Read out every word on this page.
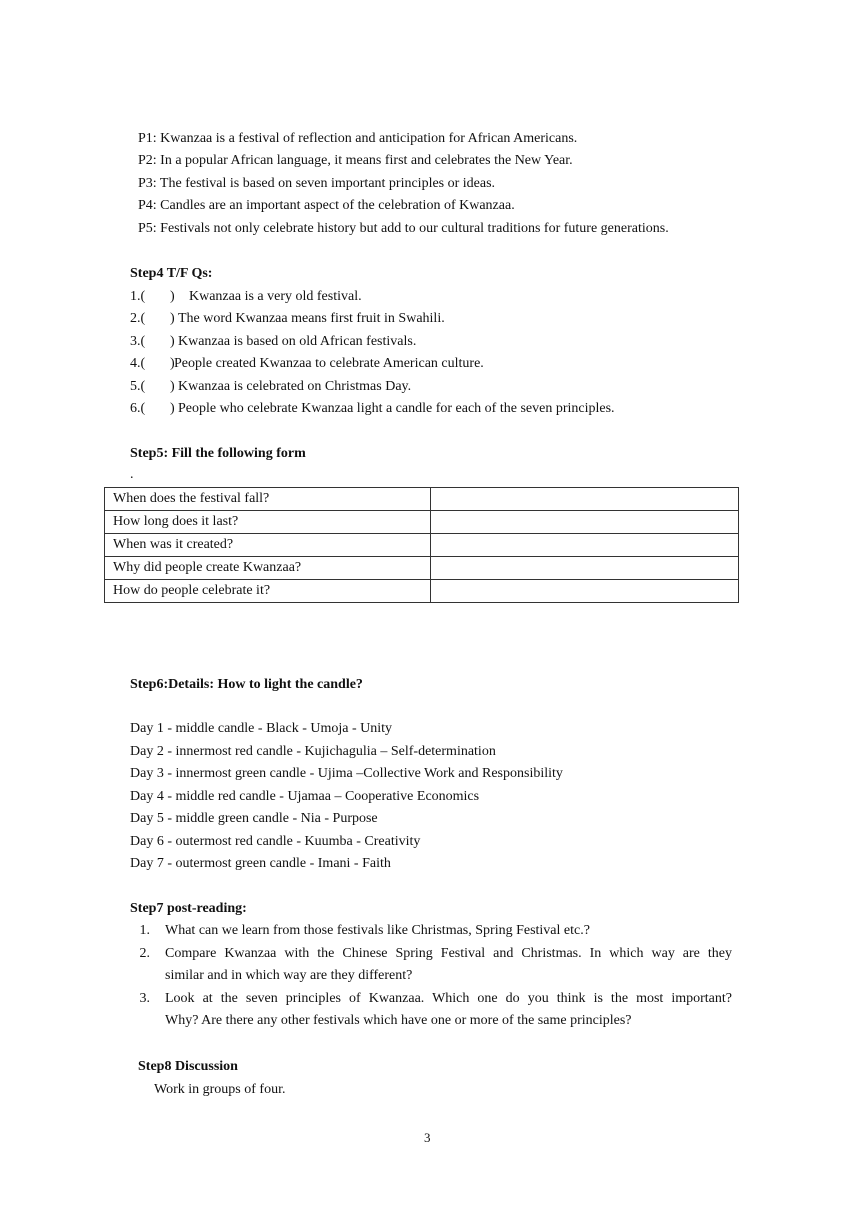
P1: Kwanzaa is a festival of reflection and anticipation for African Americans.
P2: In a popular African language, it means first and celebrates the New Year.
P3: The festival is based on seven important principles or ideas.
P4: Candles are an important aspect of the celebration of Kwanzaa.
P5: Festivals not only celebrate history but add to our cultural traditions for future generations.
Step4 T/F Qs:
1.( ) Kwanzaa is a very old festival.
2.( ) The word Kwanzaa means first fruit in Swahili.
3.( ) Kwanzaa is based on old African festivals.
4.( ) People created Kwanzaa to celebrate American culture.
5.( ) Kwanzaa is celebrated on Christmas Day.
6.( ) People who celebrate Kwanzaa light a candle for each of the seven principles.
Step5: Fill the following form
.
When does the festival fall?	
How long does it last?	
When was it created?	
Why did people create Kwanzaa?	
How do people celebrate it?	
Step6:Details: How to light the candle?
Day 1 - middle candle - Black - Umoja - Unity
Day 2 - innermost red candle - Kujichagulia – Self-determination
Day 3 - innermost green candle - Ujima –Collective Work and Responsibility
Day 4 - middle red candle - Ujamaa – Cooperative Economics
Day 5 - middle green candle - Nia - Purpose
Day 6 - outermost red candle - Kuumba - Creativity
Day 7 - outermost green candle - Imani - Faith
Step7 post-reading:
1. What can we learn from those festivals like Christmas, Spring Festival etc.?
2. Compare Kwanzaa with the Chinese Spring Festival and Christmas. In which way are they
similar and in which way are they different?
3. Look at the seven principles of Kwanzaa. Which one do you think is the most important?
Why? Are there any other festivals which have one or more of the same principles?
Step8 Discussion
Work in groups of four.
3
